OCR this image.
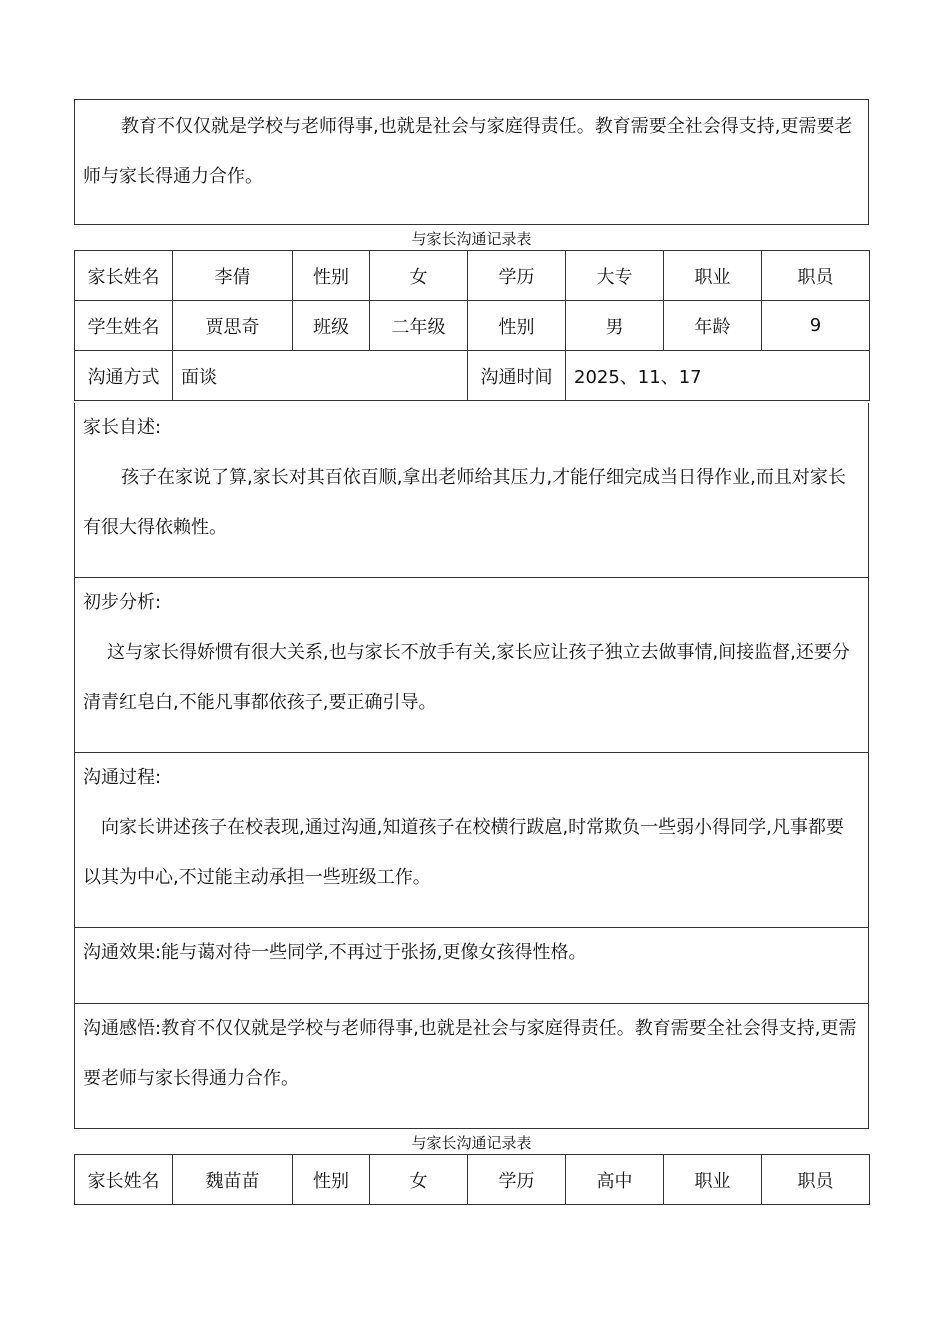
教育不仅仅就是学校与老师得事,也就是社会与家庭得责任。教育需要全社会得支持,更需要老师与家长得通力合作。

与家长沟通记录表
家长姓名	李倩	性别	女	学历	大专	职业	职员
学生姓名	贾思奇	班级	二年级	性别	男	年龄	9
沟通方式	面谈			沟通时间	2025、11、17		

家长自述:

孩子在家说了算,家长对其百依百顺,拿出老师给其压力,才能仔细完成当日得作业,而且对家长有很大得依赖性。

初步分析:

这与家长得娇惯有很大关系,也与家长不放手有关,家长应让孩子独立去做事情,间接监督,还要分清青红皂白,不能凡事都依孩子,要正确引导。

沟通过程:

向家长讲述孩子在校表现,通过沟通,知道孩子在校横行跋扈,时常欺负一些弱小得同学,凡事都要以其为中心,不过能主动承担一些班级工作。

沟通效果:能与蔼对待一些同学,不再过于张扬,更像女孩得性格。

沟通感悟:教育不仅仅就是学校与老师得事,也就是社会与家庭得责任。教育需要全社会得支持,更需要老师与家长得通力合作。

与家长沟通记录表
家长姓名	魏苗苗	性别	女	学历	高中	职业	职员
